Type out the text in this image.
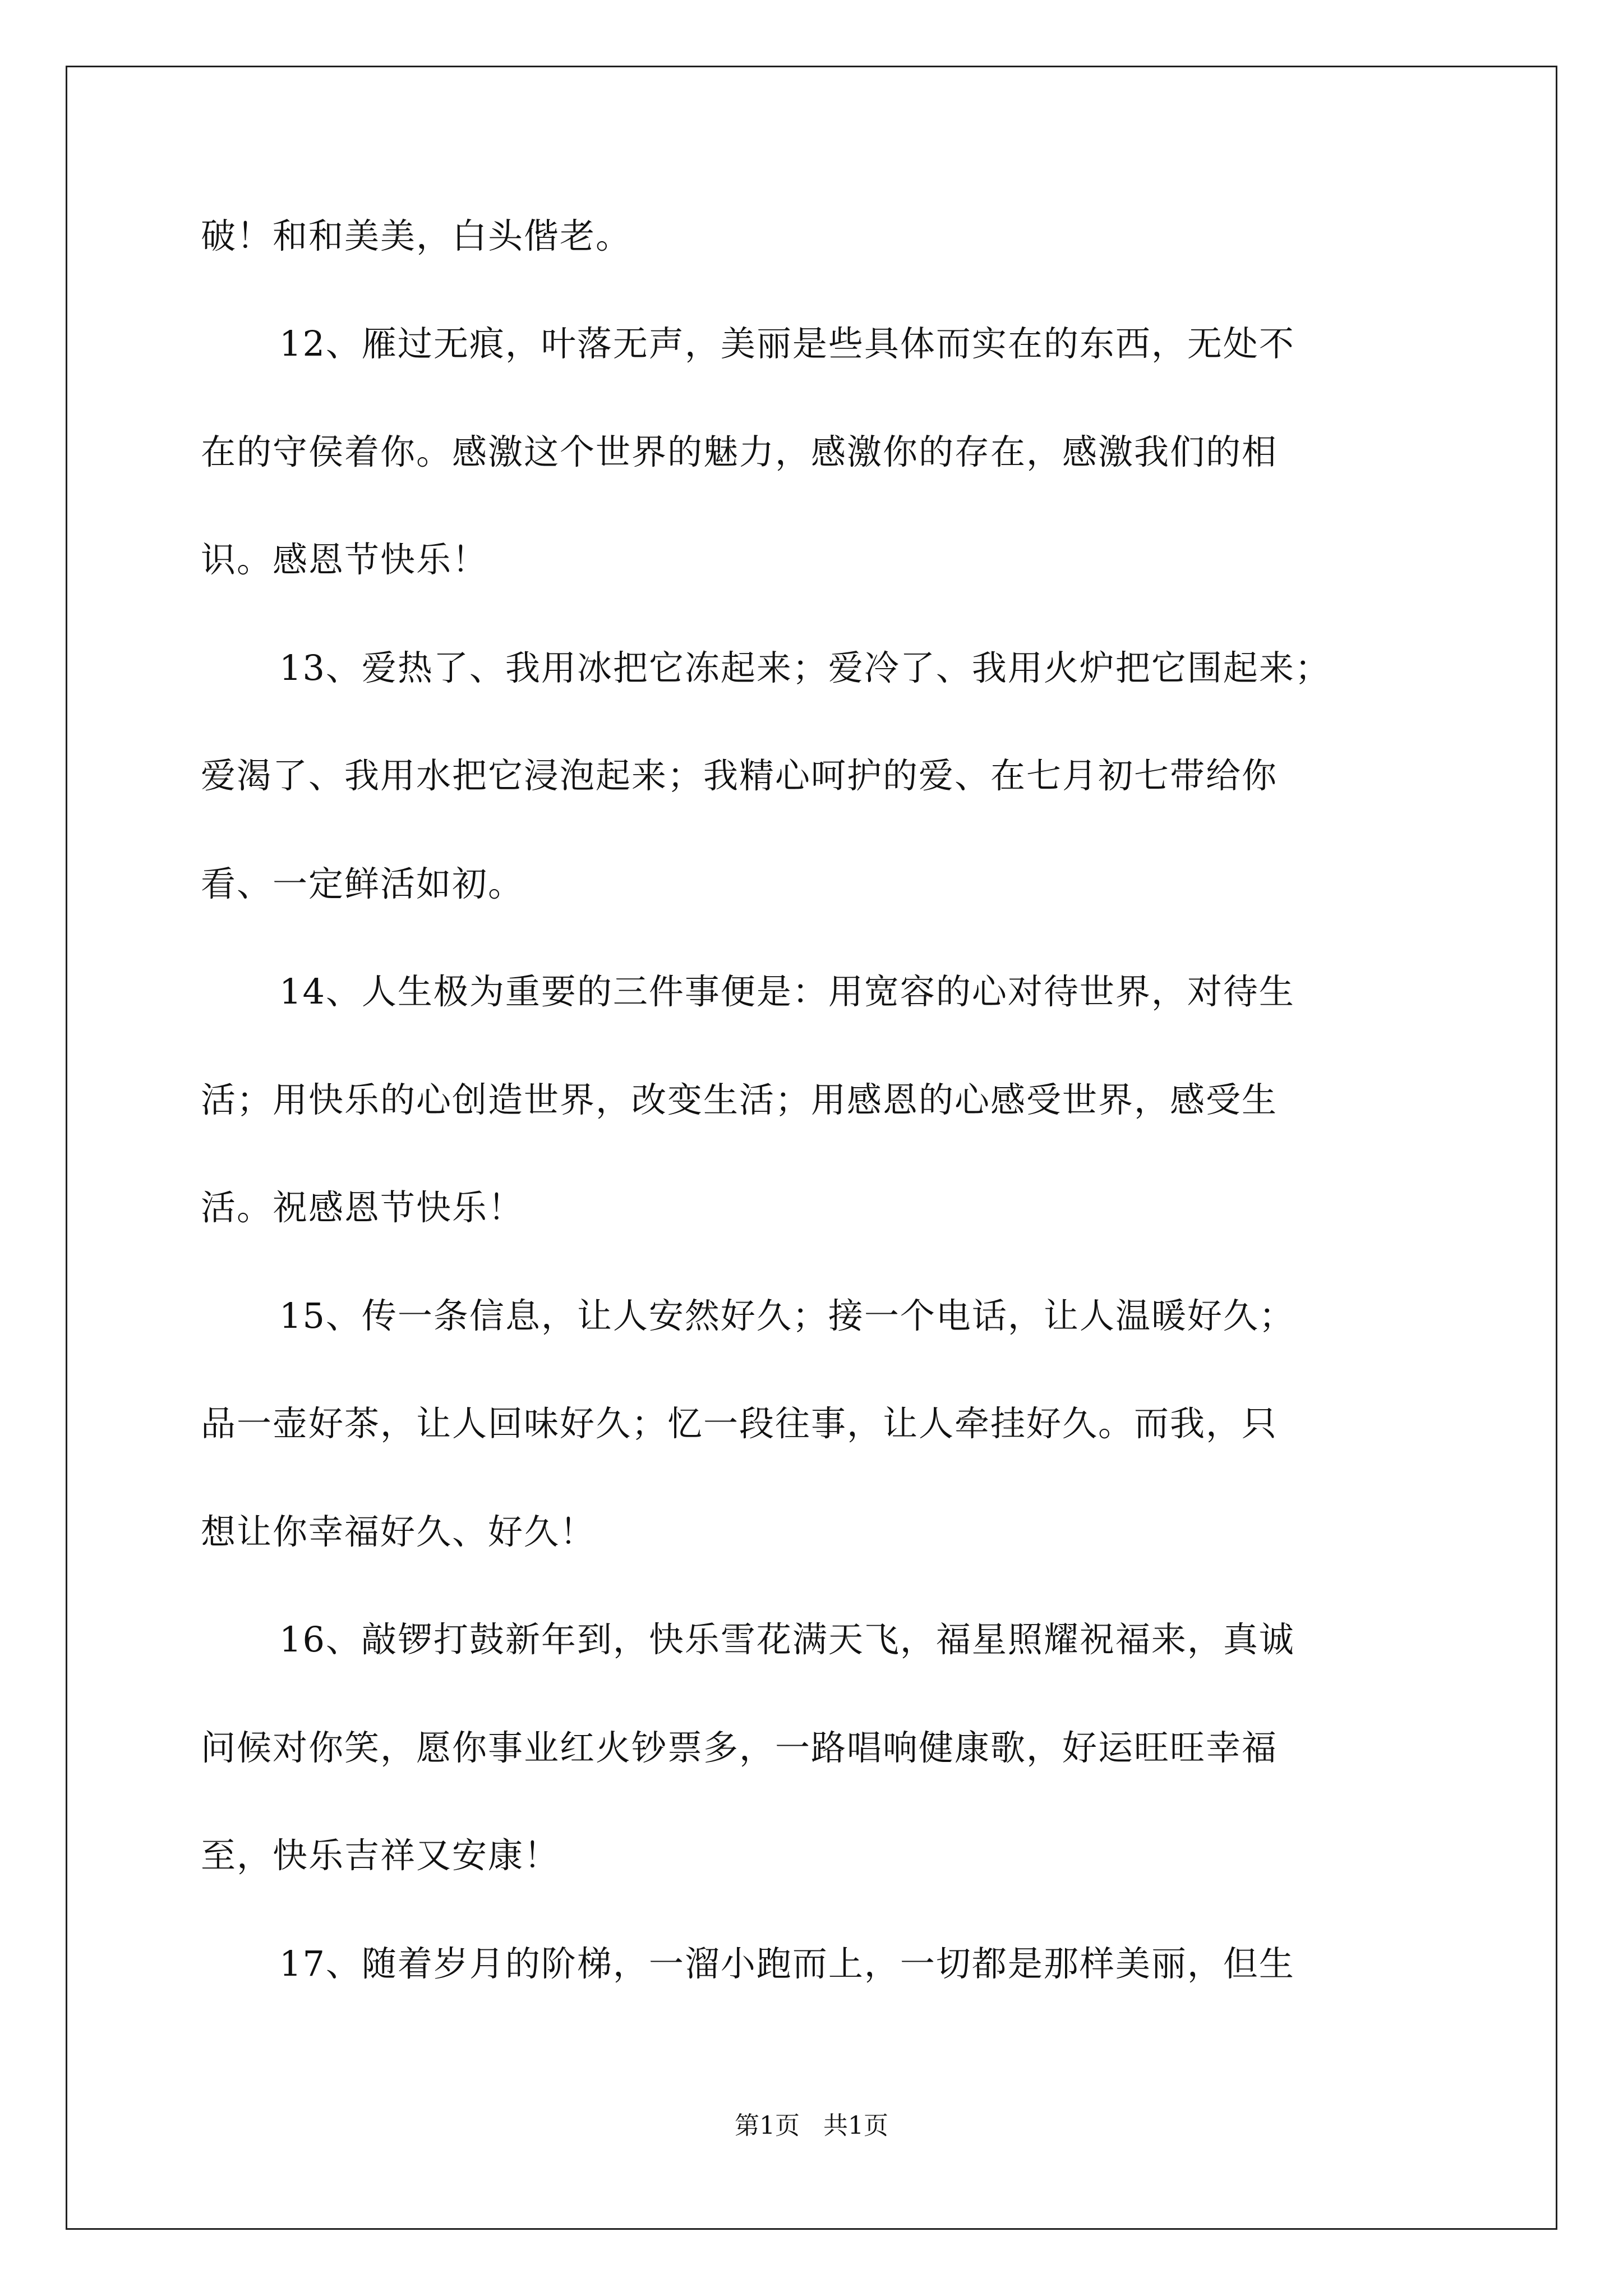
破！和和美美，白头偕老。
12、雁过无痕，叶落无声，美丽是些具体而实在的东西，无处不
在的守侯着你。感激这个世界的魅力，感激你的存在，感激我们的相
识。感恩节快乐！
13、爱热了、我用冰把它冻起来；爱冷了、我用火炉把它围起来；
爱渴了、我用水把它浸泡起来；我精心呵护的爱、在七月初七带给你
看、一定鲜活如初。
14、人生极为重要的三件事便是：用宽容的心对待世界，对待生
活；用快乐的心创造世界，改变生活；用感恩的心感受世界，感受生
活。祝感恩节快乐！
15、传一条信息，让人安然好久；接一个电话，让人温暖好久；
品一壶好茶，让人回味好久；忆一段往事，让人牵挂好久。而我，只
想让你幸福好久、好久！
16、敲锣打鼓新年到，快乐雪花满天飞，福星照耀祝福来，真诚
问候对你笑，愿你事业红火钞票多，一路唱响健康歌，好运旺旺幸福
至，快乐吉祥又安康！
17、随着岁月的阶梯，一溜小跑而上，一切都是那样美丽，但生
第1页   共1页
